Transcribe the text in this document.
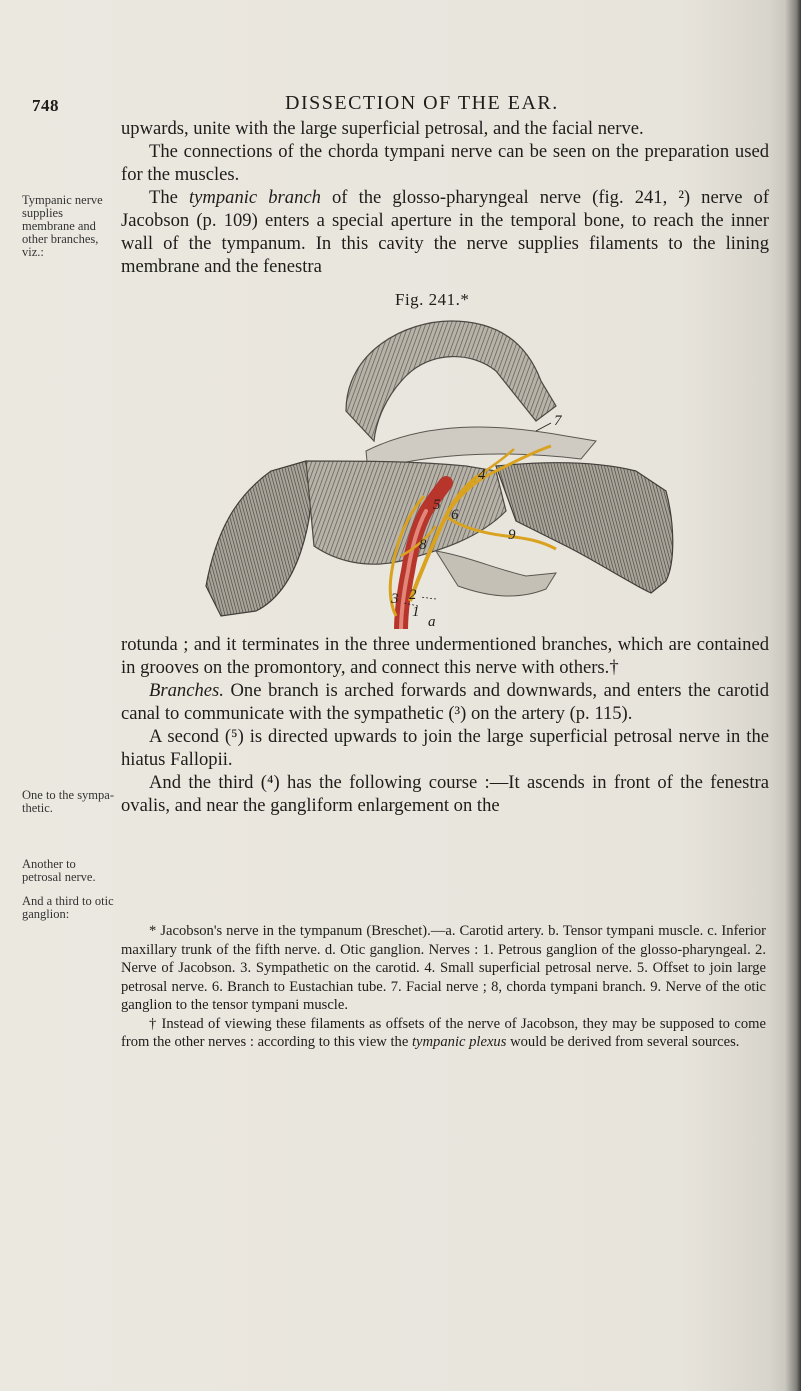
748	DISSECTION OF THE EAR.
Tympanic nerve supplies membrane and other branches, viz.:
One to the sympa-thetic.
Another to petrosal nerve.
And a third to otic ganglion:

upwards, unite with the large superficial petrosal, and the facial nerve.

The connections of the chorda tympani nerve can be seen on the preparation used for the muscles.

The tympanic branch of the glosso-pharyngeal nerve (fig. 241, ²) nerve of Jacobson (p. 109) enters a special aperture in the temporal bone, to reach the inner wall of the tympanum. In this cavity the nerve supplies filaments to the lining membrane and the fenestra

Fig. 241.*
7
6
4
5
8
9
3 2
1
a

rotunda ; and it terminates in the three undermentioned branches, which are contained in grooves on the promontory, and connect this nerve with others.†

Branches. One branch is arched forwards and downwards, and enters the carotid canal to communicate with the sympathetic (³) on the artery (p. 115).

A second (⁵) is directed upwards to join the large superficial petrosal nerve in the hiatus Fallopii.

And the third (⁴) has the following course :—It ascends in front of the fenestra ovalis, and near the gangliform enlargement on the

* Jacobson's nerve in the tympanum (Breschet).—a. Carotid artery. b. Tensor tympani muscle. c. Inferior maxillary trunk of the fifth nerve. d. Otic ganglion. Nerves : 1. Petrous ganglion of the glosso-pharyngeal. 2. Nerve of Jacobson. 3. Sympathetic on the carotid. 4. Small superficial petrosal nerve. 5. Offset to join large petrosal nerve. 6. Branch to Eustachian tube. 7. Facial nerve ; 8, chorda tympani branch. 9. Nerve of the otic ganglion to the tensor tympani muscle.

† Instead of viewing these filaments as offsets of the nerve of Jacobson, they may be supposed to come from the other nerves : according to this view the tympanic plexus would be derived from several sources.
